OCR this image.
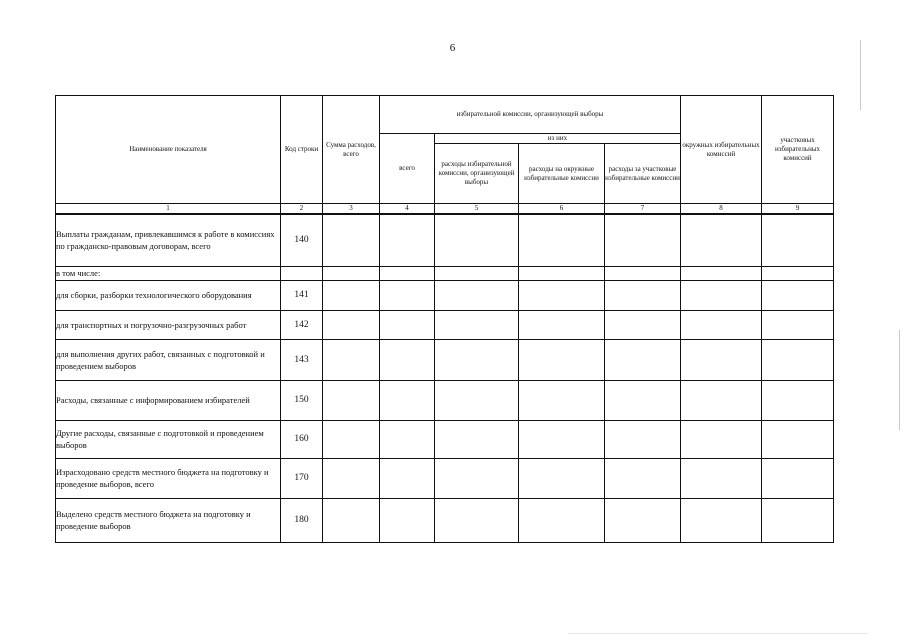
6
Наименование показателя	Код строки	Сумма расходов, всего	избирательной комиссии, организующей выборы				окружных избирательных комиссий	участковых избирательных комиссий
			всего	из них				
				расходы избирательной комиссии, организующей выборы	расходы на окружные избирательные комиссии	расходы за участковые избирательные комиссии		
1	2	3	4	5	6	7	8	9
Выплаты гражданам, привлекавшимся к работе в комиссиях по гражданско-правовым договорам, всего	140							
в том числе:								
для сборки, разборки технологического оборудования	141							
для транспортных и погрузочно-разгрузочных работ	142							
для выполнения других работ, связанных с подготовкой и проведением выборов	143							
Расходы, связанные с информированием избирателей	150							
Другие расходы, связанные с подготовкой и проведением выборов	160							
Израсходовано средств местного бюджета на подготовку и проведение выборов, всего	170							
Выделено средств местного бюджета на подготовку и проведение выборов	180							
